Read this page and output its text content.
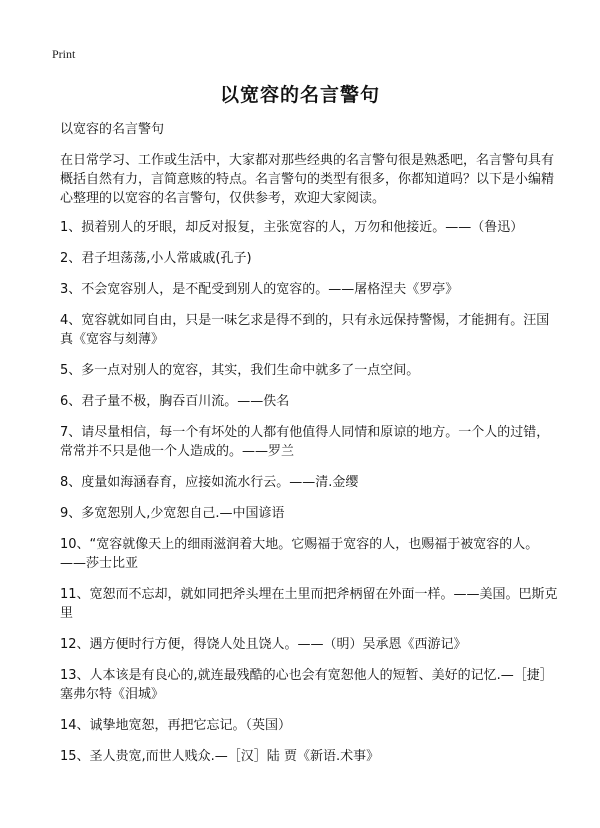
Print
以宽容的名言警句

以宽容的名言警句

在日常学习、工作或生活中，大家都对那些经典的名言警句很是熟悉吧，名言警句具有概括自然有力，言简意赅的特点。名言警句的类型有很多，你都知道吗？以下是小编精心整理的以宽容的名言警句，仅供参考，欢迎大家阅读。

1、损着别人的牙眼，却反对报复，主张宽容的人，万勿和他接近。——（鲁迅）

2、君子坦荡荡,小人常戚戚(孔子)

3、不会宽容别人，是不配受到别人的宽容的。——屠格涅夫《罗亭》

4、宽容就如同自由，只是一味乞求是得不到的，只有永远保持警惕，才能拥有。汪国真《宽容与刻薄》

5、多一点对别人的宽容，其实，我们生命中就多了一点空间。

6、君子量不极，胸吞百川流。——佚名

7、请尽量相信，每一个有坏处的人都有他值得人同情和原谅的地方。一个人的过错，常常并不只是他一个人造成的。——罗兰

8、度量如海涵春育，应接如流水行云。——清.金缨

9、多宽恕别人,少宽恕自己.—中国谚语

10、“宽容就像天上的细雨滋润着大地。它赐福于宽容的人，也赐福于被宽容的人。——莎士比亚

11、宽恕而不忘却，就如同把斧头埋在土里而把斧柄留在外面一样。——美国。巴斯克里

12、遇方便时行方便，得饶人处且饶人。——（明）吴承恩《西游记》

13、人本该是有良心的,就连最残酷的心也会有宽恕他人的短暂、美好的记忆.—［捷］塞弗尔特《泪城》

14、诚挚地宽恕，再把它忘记。（英国）

15、圣人贵宽,而世人贱众.—［汉］陆 贾《新语.术事》
